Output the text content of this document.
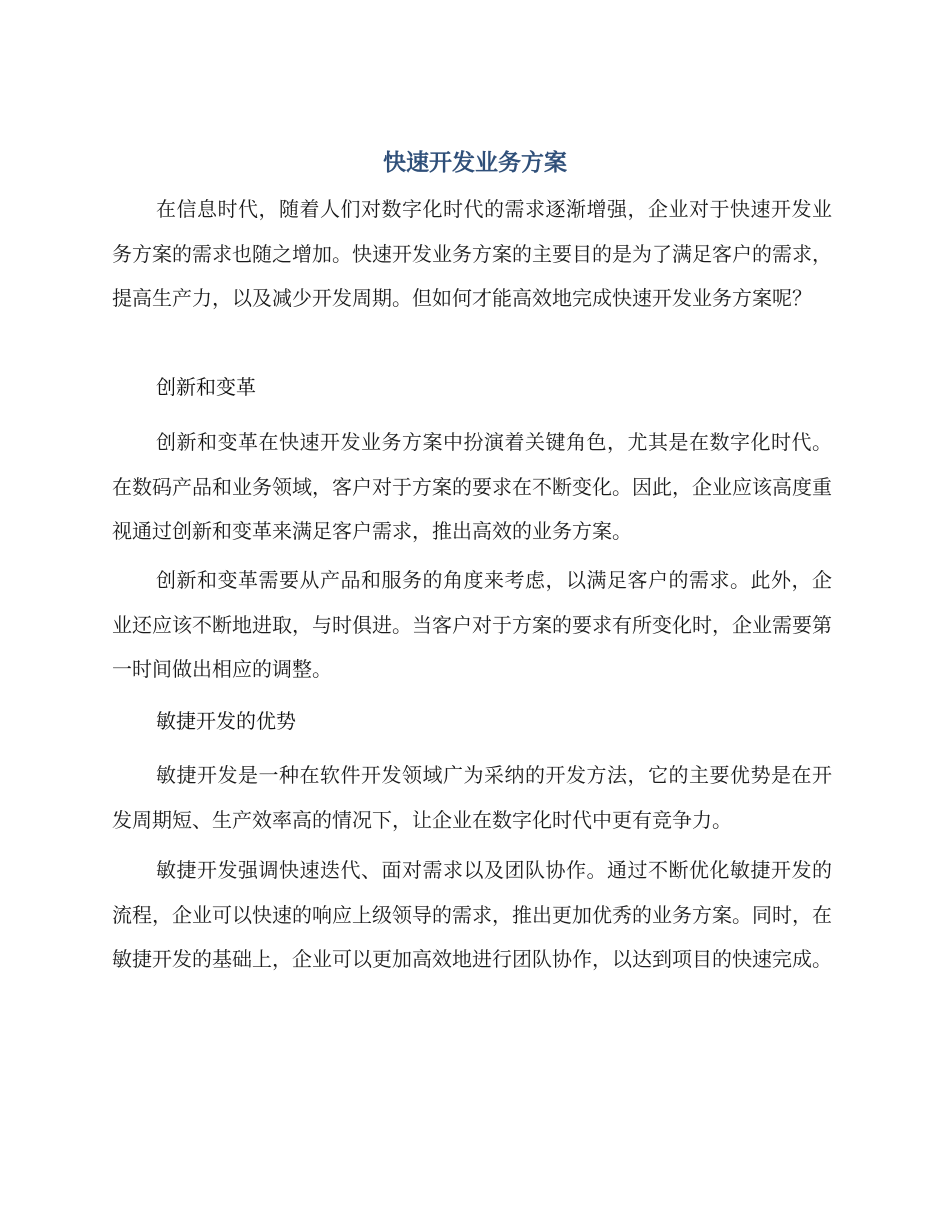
快速开发业务方案

在信息时代，随着人们对数字化时代的需求逐渐增强，企业对于快速开发业务方案的需求也随之增加。快速开发业务方案的主要目的是为了满足客户的需求，提高生产力，以及减少开发周期。但如何才能高效地完成快速开发业务方案呢？

创新和变革

创新和变革在快速开发业务方案中扮演着关键角色，尤其是在数字化时代。在数码产品和业务领域，客户对于方案的要求在不断变化。因此，企业应该高度重视通过创新和变革来满足客户需求，推出高效的业务方案。

创新和变革需要从产品和服务的角度来考虑，以满足客户的需求。此外，企业还应该不断地进取，与时俱进。当客户对于方案的要求有所变化时，企业需要第一时间做出相应的调整。

敏捷开发的优势

敏捷开发是一种在软件开发领域广为采纳的开发方法，它的主要优势是在开发周期短、生产效率高的情况下，让企业在数字化时代中更有竞争力。

敏捷开发强调快速迭代、面对需求以及团队协作。通过不断优化敏捷开发的流程，企业可以快速的响应上级领导的需求，推出更加优秀的业务方案。同时，在敏捷开发的基础上，企业可以更加高效地进行团队协作，以达到项目的快速完成。
